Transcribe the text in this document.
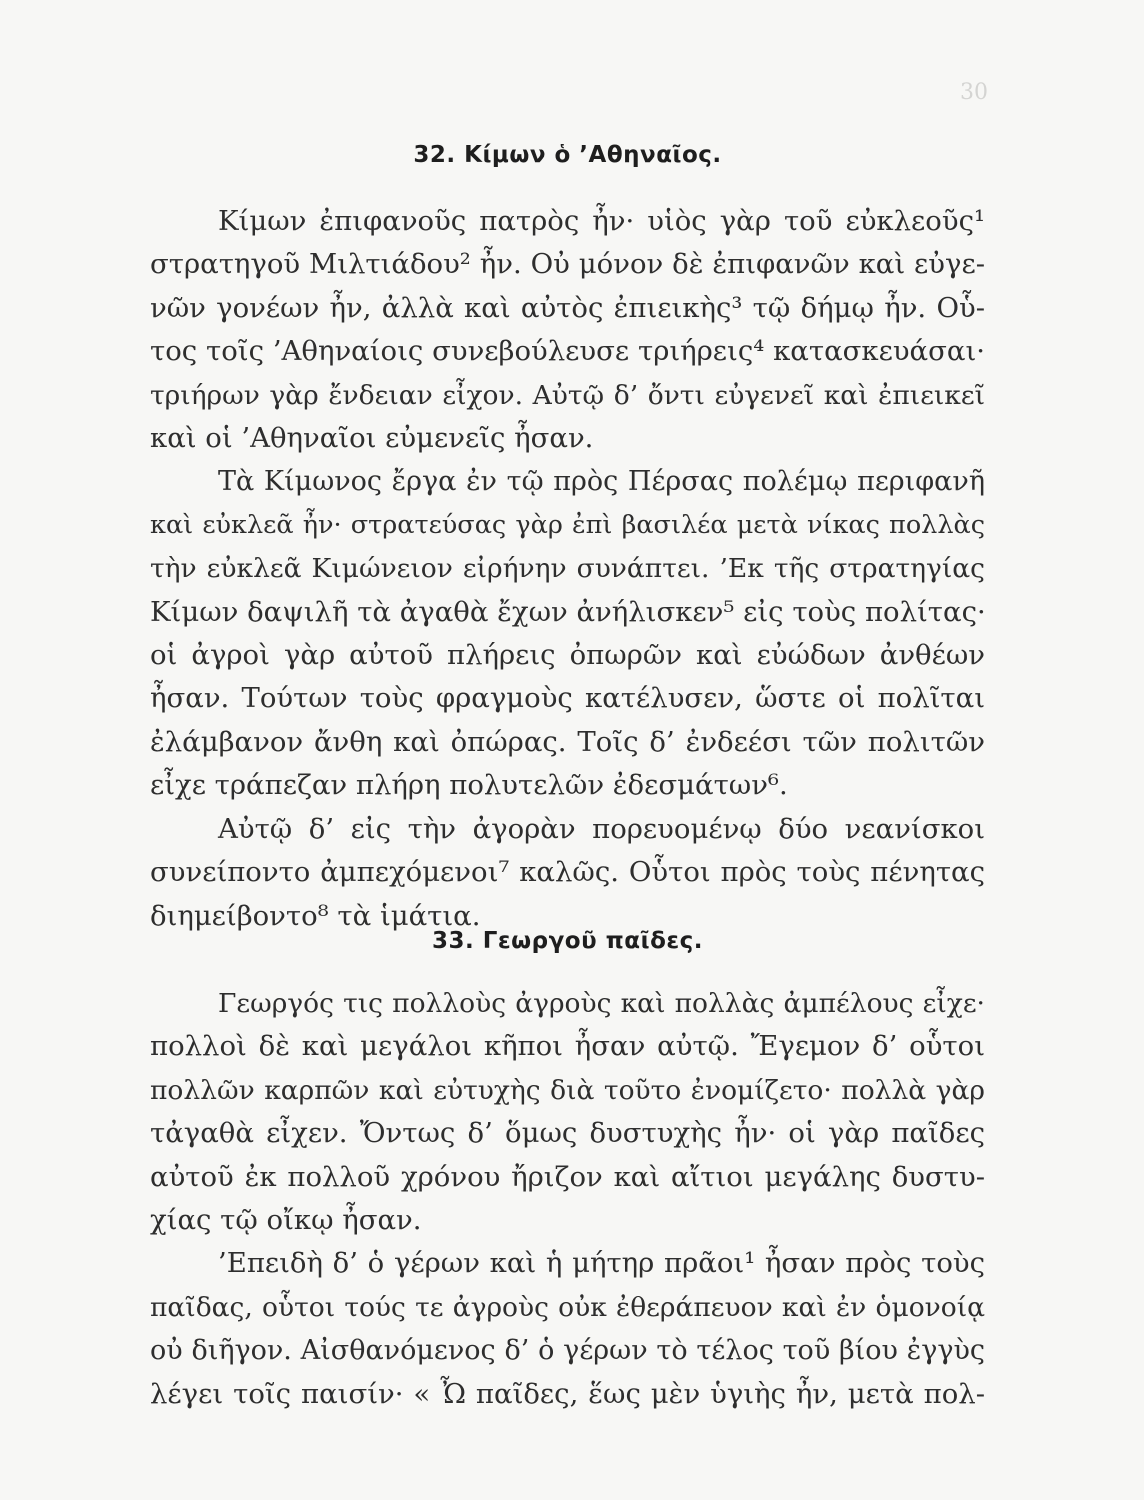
30
32. Κίμων ὁ ’Αθηναῖος.
Κίμων ἐπιφανοῦς πατρὸς ἦν· υἱὸς γὰρ τοῦ εὐκλεοῦς¹
στρατηγοῦ Μιλτιάδου² ἦν. Οὐ μόνον δὲ ἐπιφανῶν καὶ εὐγε-
νῶν γονέων ἦν, ἀλλὰ καὶ αὐτὸς ἐπιεικὴς³ τῷ δήμῳ ἦν. Οὗ-
τος τοῖς ’Αθηναίοις συνεβούλευσε τριήρεις⁴ κατασκευάσαι·
τριήρων γὰρ ἔνδειαν εἶχον. Αὐτῷ δ’ ὄντι εὐγενεῖ καὶ ἐπιεικεῖ
καὶ οἱ ’Αθηναῖοι εὐμενεῖς ἦσαν.
Τὰ Κίμωνος ἔργα ἐν τῷ πρὸς Πέρσας πολέμῳ περιφανῆ
καὶ εὐκλεᾶ ἦν· στρατεύσας γὰρ ἐπὶ βασιλέα μετὰ νίκας πολλὰς
τὴν εὐκλεᾶ Κιμώνειον εἰρήνην συνάπτει. ’Εκ τῆς στρατηγίας
Κίμων δαψιλῆ τὰ ἀγαθὰ ἔχων ἀνήλισκεν⁵ εἰς τοὺς πολίτας·
οἱ ἀγροὶ γὰρ αὐτοῦ πλήρεις ὀπωρῶν καὶ εὐώδων ἀνθέων
ἦσαν. Τούτων τοὺς φραγμοὺς κατέλυσεν, ὥστε οἱ πολῖται
ἐλάμβανον ἄνθη καὶ ὀπώρας. Τοῖς δ’ ἐνδεέσι τῶν πολιτῶν
εἶχε τράπεζαν πλήρη πολυτελῶν ἐδεσμάτων⁶.
Αὐτῷ δ’ εἰς τὴν ἀγορὰν πορευομένῳ δύο νεανίσκοι
συνείποντο ἀμπεχόμενοι⁷ καλῶς. Οὗτοι πρὸς τοὺς πένητας
διημείβοντο⁸ τὰ ἱμάτια.
33. Γεωργοῦ παῖδες.
Γεωργός τις πολλοὺς ἀγροὺς καὶ πολλὰς ἀμπέλους εἶχε·
πολλοὶ δὲ καὶ μεγάλοι κῆποι ἦσαν αὐτῷ. Ἔγεμον δ’ οὗτοι
πολλῶν καρπῶν καὶ εὐτυχὴς διὰ τοῦτο ἐνομίζετο· πολλὰ γὰρ
τἀγαθὰ εἶχεν. Ὄντως δ’ ὅμως δυστυχὴς ἦν· οἱ γὰρ παῖδες
αὐτοῦ ἐκ πολλοῦ χρόνου ἤριζον καὶ αἴτιοι μεγάλης δυστυ-
χίας τῷ οἴκῳ ἦσαν.
’Επειδὴ δ’ ὁ γέρων καὶ ἡ μήτηρ πρᾶοι¹ ἦσαν πρὸς τοὺς
παῖδας, οὗτοι τούς τε ἀγροὺς οὐκ ἐθεράπευον καὶ ἐν ὁμονοίᾳ
οὐ διῆγον. Αἰσθανόμενος δ’ ὁ γέρων τὸ τέλος τοῦ βίου ἐγγὺς
λέγει τοῖς παισίν· « Ὦ παῖδες, ἕως μὲν ὑγιὴς ἦν, μετὰ πολ-
